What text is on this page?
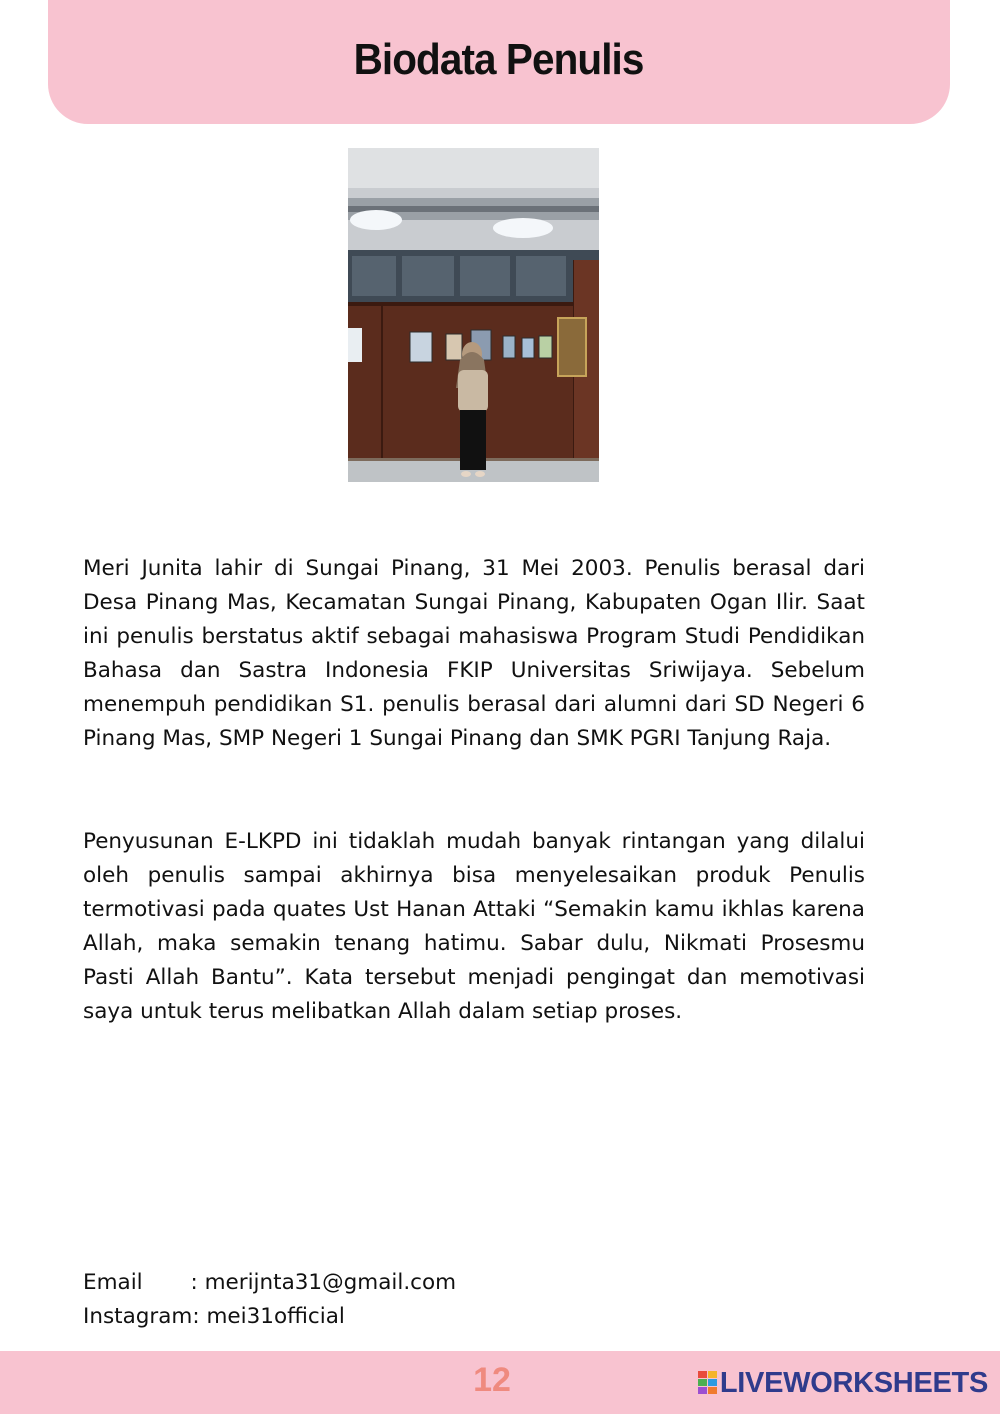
Biodata Penulis

Meri Junita lahir di Sungai Pinang, 31 Mei 2003. Penulis berasal dari Desa Pinang Mas, Kecamatan Sungai Pinang, Kabupaten Ogan Ilir. Saat ini penulis berstatus aktif sebagai mahasiswa Program Studi Pendidikan Bahasa dan Sastra Indonesia FKIP Universitas Sriwijaya. Sebelum menempuh pendidikan S1. penulis berasal dari alumni dari SD Negeri 6 Pinang Mas, SMP Negeri 1 Sungai Pinang dan SMK PGRI Tanjung Raja.

Penyusunan E-LKPD ini tidaklah mudah banyak rintangan yang dilalui oleh penulis sampai akhirnya bisa menyelesaikan produk Penulis termotivasi pada quates Ust Hanan Attaki “Semakin kamu ikhlas karena Allah, maka semakin tenang hatimu. Sabar dulu, Nikmati Prosesmu Pasti Allah Bantu”. Kata tersebut menjadi pengingat dan memotivasi saya untuk terus melibatkan Allah dalam setiap proses.

Email       : merijnta31@gmail.com
Instagram: mei31official
12	LIVEWORKSHEETS
